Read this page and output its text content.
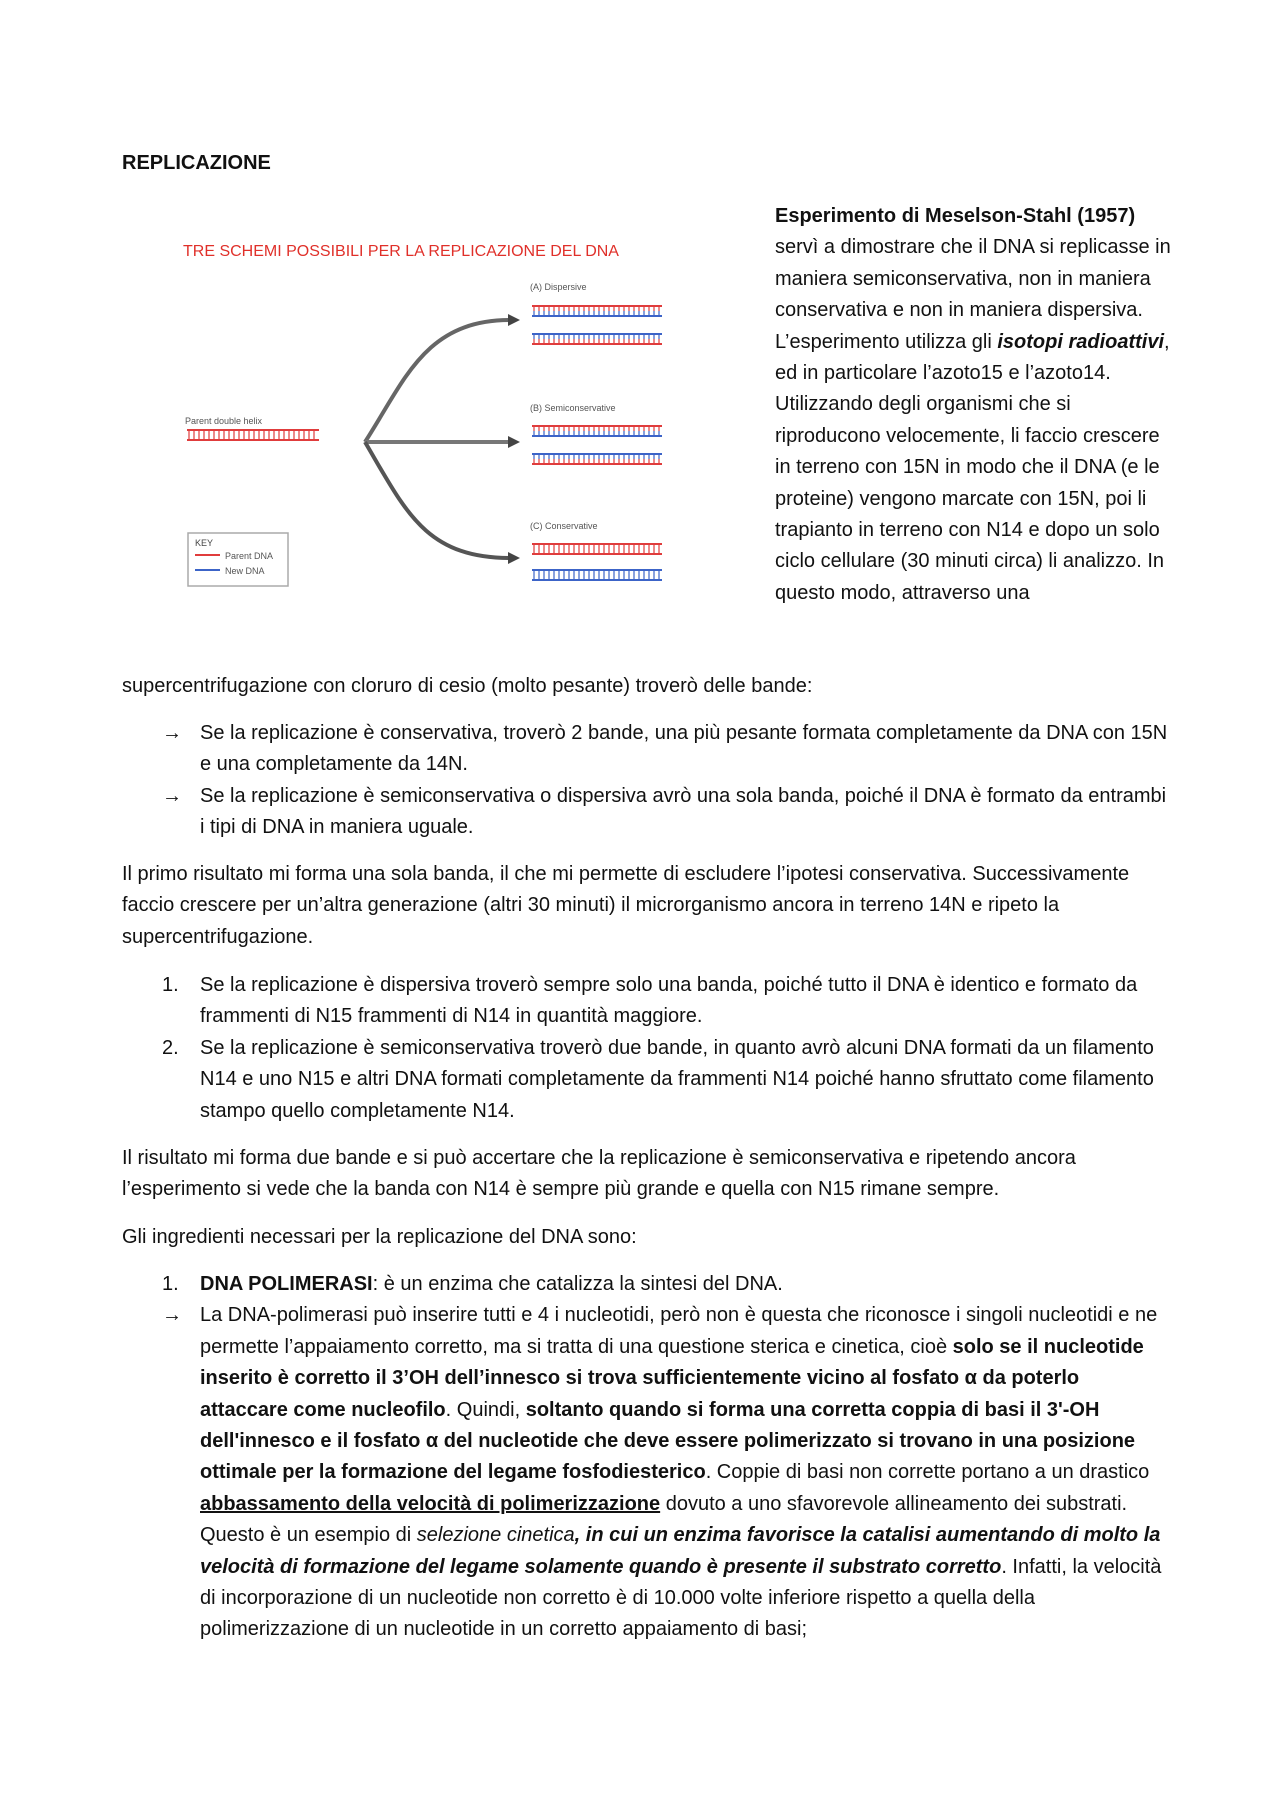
REPLICAZIONE
TRE SCHEMI POSSIBILI PER LA REPLICAZIONE DEL DNA
Parent double helix
(A) Dispersive
(B) Semiconservative
(C) Conservative
KEY
Parent DNA
New DNA

Esperimento di Meselson-Stahl (1957) servì a dimostrare che il DNA si replicasse in maniera semiconservativa, non in maniera conservativa e non in maniera dispersiva. L’esperimento utilizza gli isotopi radioattivi, ed in particolare l’azoto15 e l’azoto14. Utilizzando degli organismi che si riproducono velocemente, li faccio crescere in terreno con 15N in modo che il DNA (e le proteine) vengono marcate con 15N, poi li trapianto in terreno con N14 e dopo un solo ciclo cellulare (30 minuti circa) li analizzo. In questo modo, attraverso una

supercentrifugazione con cloruro di cesio (molto pesante) troverò delle bande:

→ Se la replicazione è conservativa, troverò 2 bande, una più pesante formata completamente da DNA con 15N e una completamente da 14N.
→ Se la replicazione è semiconservativa o dispersiva avrò una sola banda, poiché il DNA è formato da entrambi i tipi di DNA in maniera uguale.

Il primo risultato mi forma una sola banda, il che mi permette di escludere l’ipotesi conservativa. Successivamente faccio crescere per un’altra generazione (altri 30 minuti) il microrganismo ancora in terreno 14N e ripeto la supercentrifugazione.

1. Se la replicazione è dispersiva troverò sempre solo una banda, poiché tutto il DNA è identico e formato da frammenti di N15 frammenti di N14 in quantità maggiore.
2. Se la replicazione è semiconservativa troverò due bande, in quanto avrò alcuni DNA formati da un filamento N14 e uno N15 e altri DNA formati completamente da frammenti N14 poiché hanno sfruttato come filamento stampo quello completamente N14.

Il risultato mi forma due bande e si può accertare che la replicazione è semiconservativa e ripetendo ancora l’esperimento si vede che la banda con N14 è sempre più grande e quella con N15 rimane sempre.

Gli ingredienti necessari per la replicazione del DNA sono:

1. DNA POLIMERASI: è un enzima che catalizza la sintesi del DNA.
→ La DNA-polimerasi può inserire tutti e 4 i nucleotidi, però non è questa che riconosce i singoli nucleotidi e ne permette l’appaiamento corretto, ma si tratta di una questione sterica e cinetica, cioè solo se il nucleotide inserito è corretto il 3’OH dell’innesco si trova sufficientemente vicino al fosfato α da poterlo attaccare come nucleofilo. Quindi, soltanto quando si forma una corretta coppia di basi il 3'-OH dell'innesco e il fosfato α del nucleotide che deve essere polimerizzato si trovano in una posizione ottimale per la formazione del legame fosfodiesterico. Coppie di basi non corrette portano a un drastico abbassamento della velocità di polimerizzazione dovuto a uno sfavorevole allineamento dei substrati. Questo è un esempio di selezione cinetica, in cui un enzima favorisce la catalisi aumentando di molto la velocità di formazione del legame solamente quando è presente il substrato corretto. Infatti, la velocità di incorporazione di un nucleotide non corretto è di 10.000 volte inferiore rispetto a quella della polimerizzazione di un nucleotide in un corretto appaiamento di basi;
